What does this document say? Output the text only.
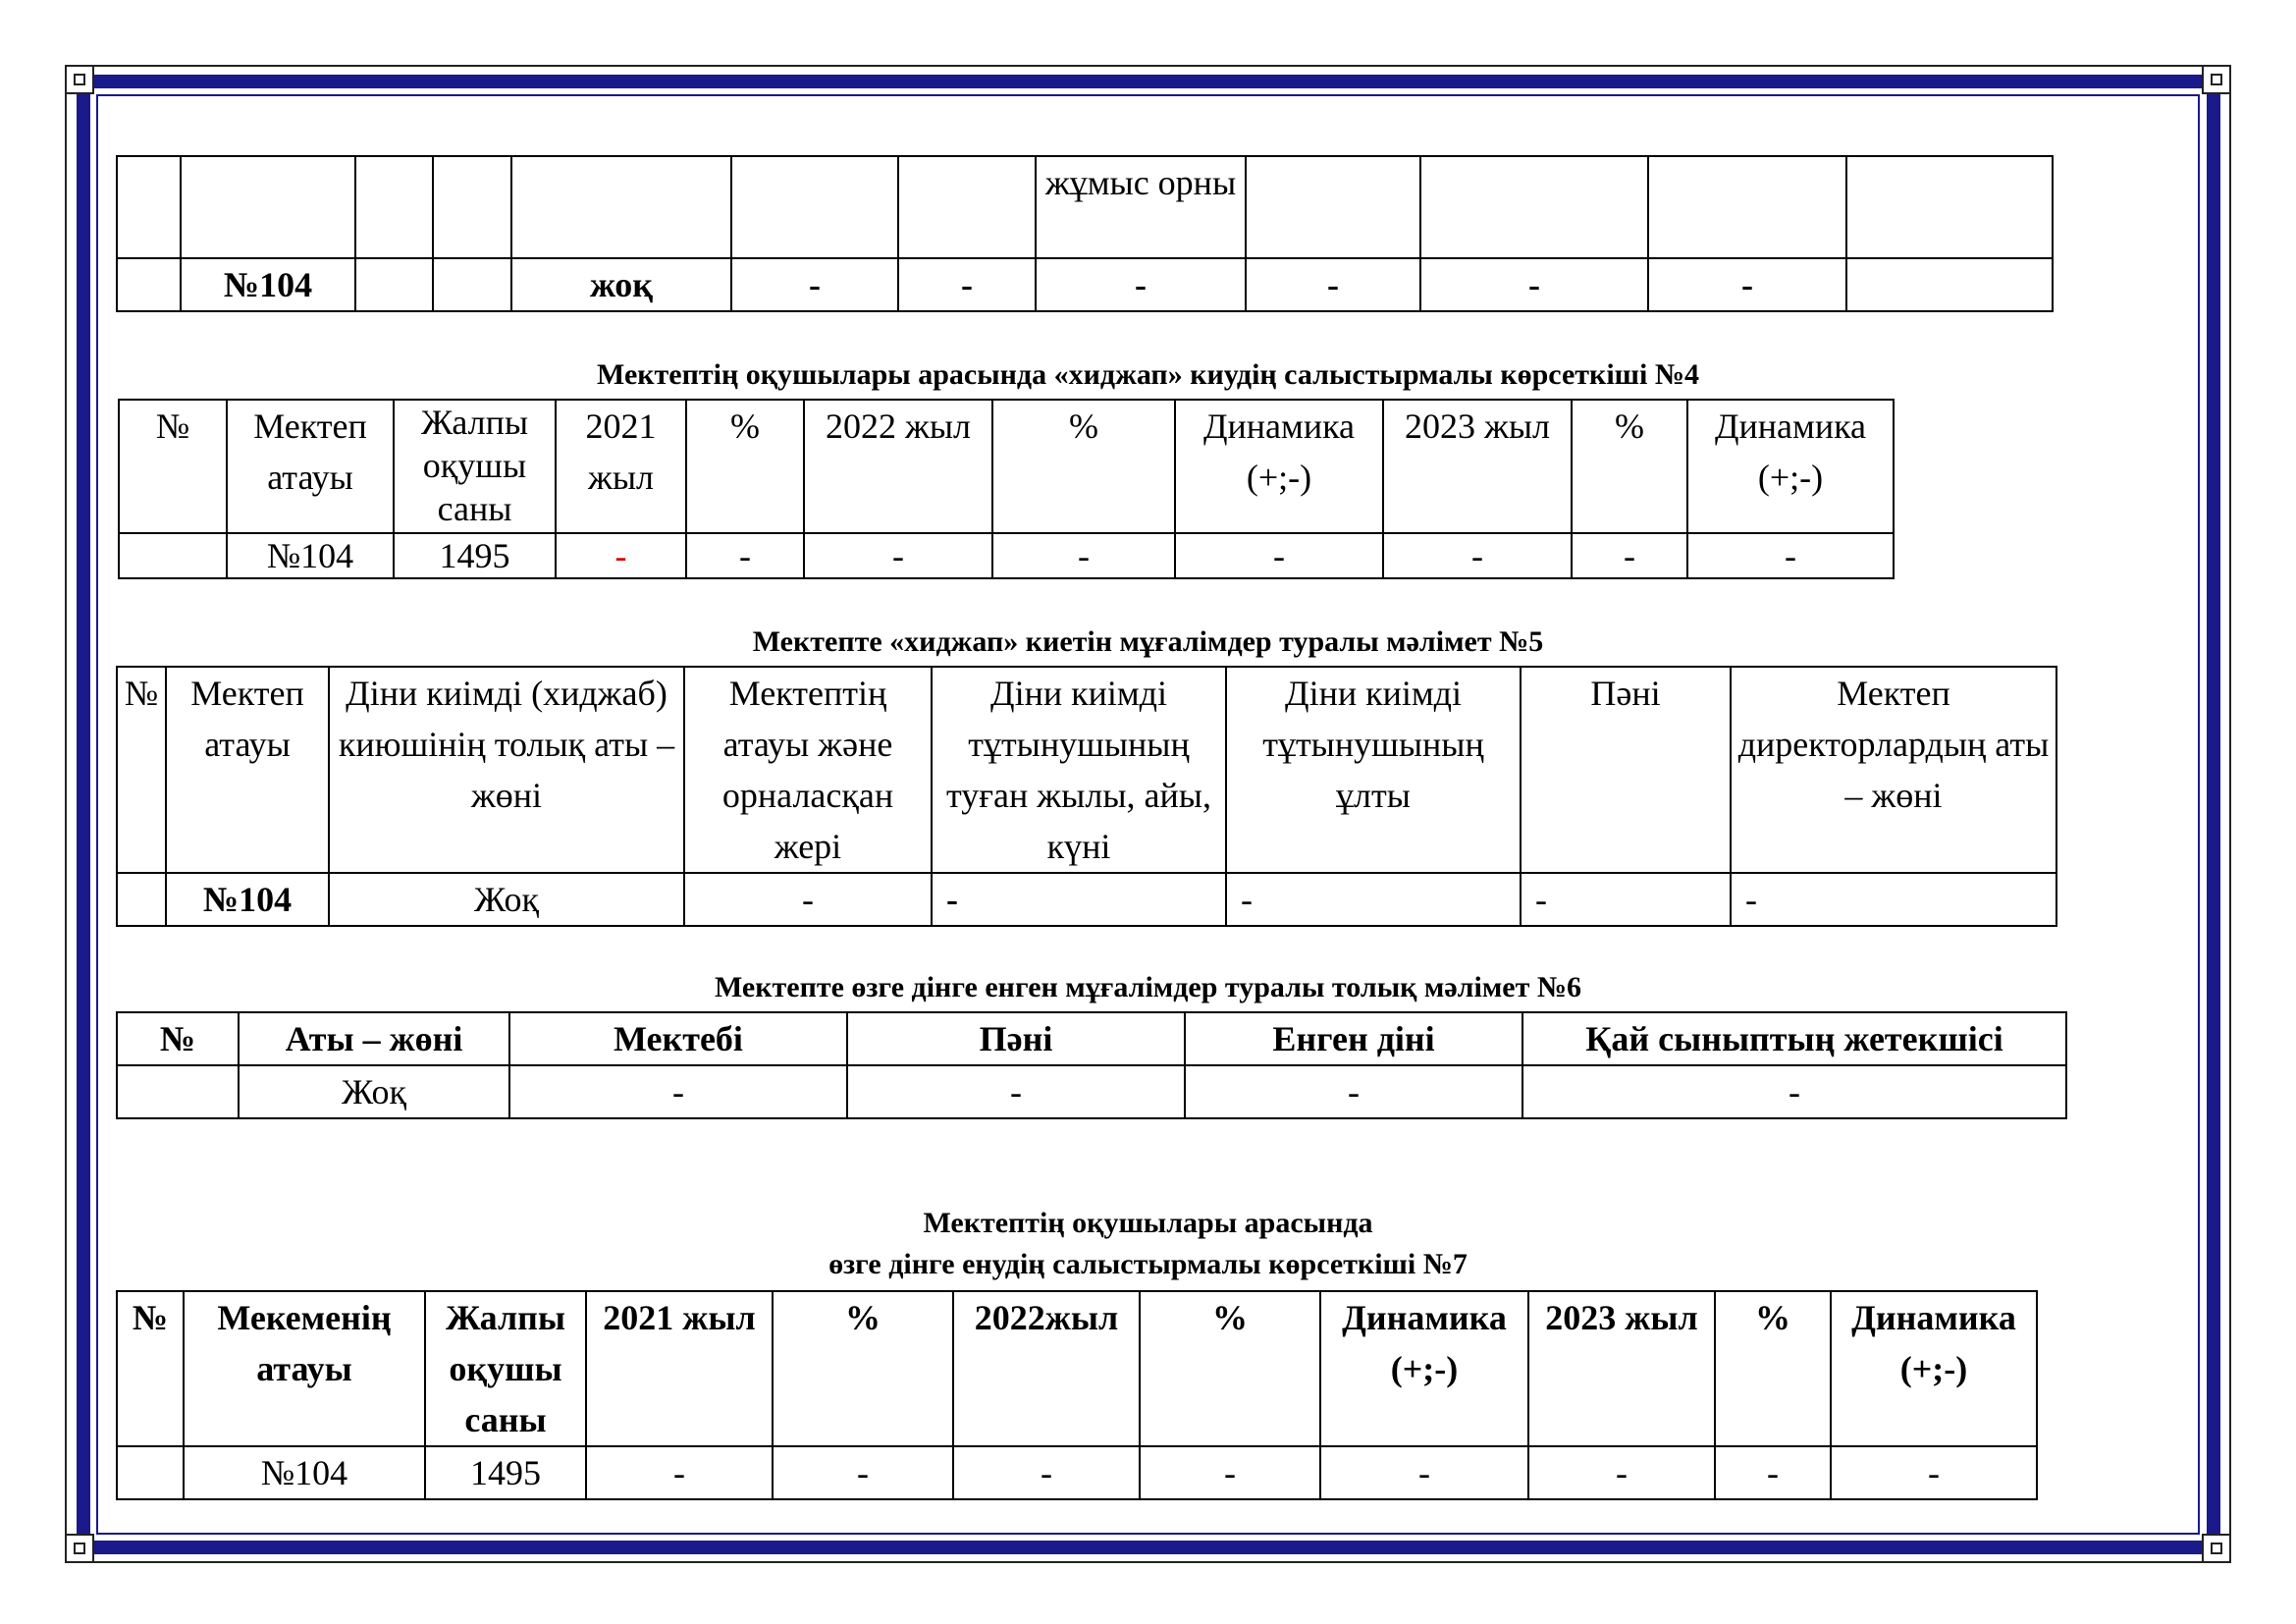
							жұмыс орны				
	№104			жоқ	-	-	-	-	-	-	
Мектептің оқушылары арасында «хиджап» киудің салыстырмалы көрсеткіші №4
№	Мектеп атауы	Жалпы оқушы саны	2021 жыл	%	2022 жыл	%	Динамика (+;-)	2023 жыл	%	Динамика (+;-)
	№104	1495	-	-	-	-	-	-	-	-
Мектепте «хиджап» киетін мұғалімдер туралы мәлімет №5
№	Мектеп атауы	Діни киімді (хиджаб) киюшінің толық аты –жөні	Мектептің атауы және орналасқан жері	Діни киімді тұтынушының туған жылы, айы, күні	Діни киімді тұтынушының ұлты	Пәні	Мектеп директорлардың аты – жөні
	№104	Жоқ	-	-	-	-	-
Мектепте өзге дінге енген мұғалімдер туралы толық мәлімет №6
№	Аты – жөні	Мектебі	Пәні	Енген діні	Қай сыныптың жетекшісі
	Жоқ	-	-	-	-
Мектептің оқушылары арасында
өзге дінге енудің салыстырмалы көрсеткіші №7
№	Мекеменің атауы	Жалпы оқушы саны	2021 жыл	%	2022жыл	%	Динамика (+;-)	2023 жыл	%	Динамика (+;-)
	№104	1495	-	-	-	-	-	-	-	-
